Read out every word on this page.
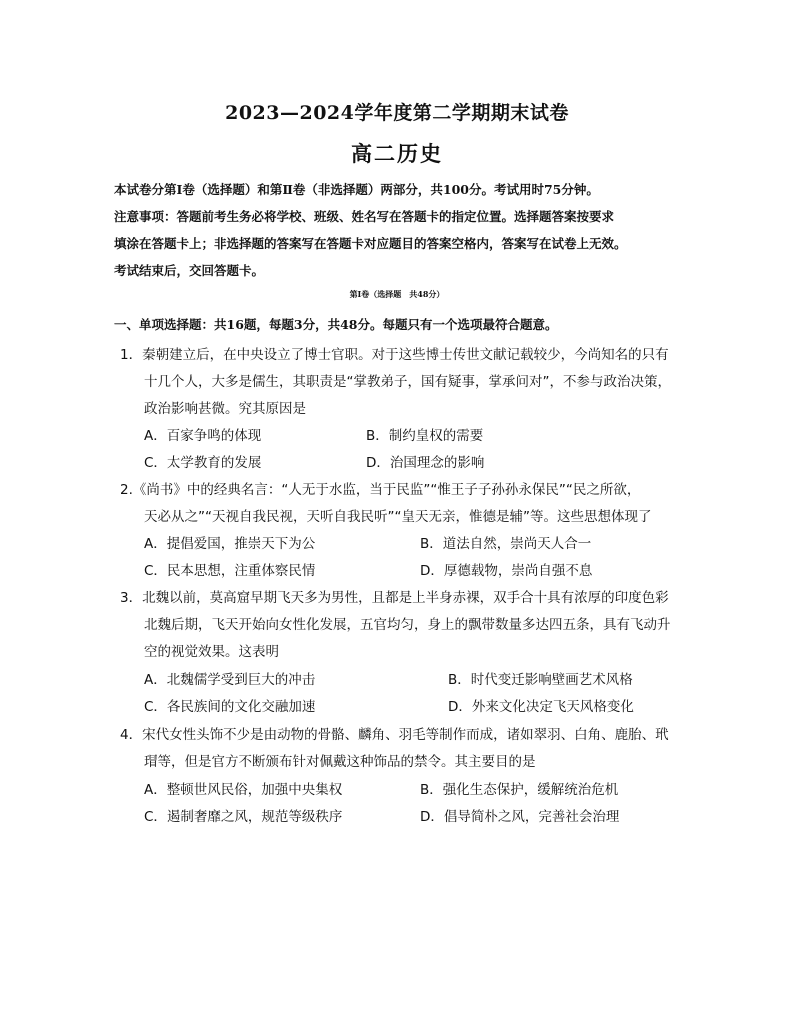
2023—2024学年度第二学期期末试卷
高二历史
本试卷分第Ⅰ卷（选择题）和第Ⅱ卷（非选择题）两部分，共100分。考试用时75分钟。
注意事项：答题前考生务必将学校、班级、姓名写在答题卡的指定位置。选择题答案按要求
填涂在答题卡上；非选择题的答案写在答题卡对应题目的答案空格内，答案写在试卷上无效。
考试结束后，交回答题卡。
第Ⅰ卷（选择题　共48分）
一、单项选择题：共16题，每题3分，共48分。每题只有一个选项最符合题意。
1．秦朝建立后，在中央设立了博士官职。对于这些博士传世文献记载较少，今尚知名的只有
十几个人，大多是儒生，其职责是“掌教弟子，国有疑事，掌承问对”，不参与政治决策，
政治影响甚微。究其原因是
A．百家争鸣的体现	B．制约皇权的需要
C．太学教育的发展	D．治国理念的影响
2.《尚书》中的经典名言：“人无于水监，当于民监”“惟王子子孙孙永保民”“民之所欲，
天必从之”“天视自我民视，天听自我民听”“皇天无亲，惟德是辅”等。这些思想体现了
A．提倡爱国，推崇天下为公	B．道法自然，崇尚天人合一
C．民本思想，注重体察民情	D．厚德载物，崇尚自强不息
3．北魏以前，莫高窟早期飞天多为男性，且都是上半身赤裸，双手合十具有浓厚的印度色彩
北魏后期，飞天开始向女性化发展，五官均匀，身上的飘带数量多达四五条，具有飞动升
空的视觉效果。这表明
A．北魏儒学受到巨大的冲击	B．时代变迁影响壁画艺术风格
C．各民族间的文化交融加速	D．外来文化决定飞天风格变化
4．宋代女性头饰不少是由动物的骨骼、麟角、羽毛等制作而成，诸如翠羽、白角、鹿胎、玳
瑁等，但是官方不断颁布针对佩戴这种饰品的禁令。其主要目的是
A．整顿世风民俗，加强中央集权	B．强化生态保护，缓解统治危机
C．遏制奢靡之风，规范等级秩序	D．倡导简朴之风，完善社会治理
